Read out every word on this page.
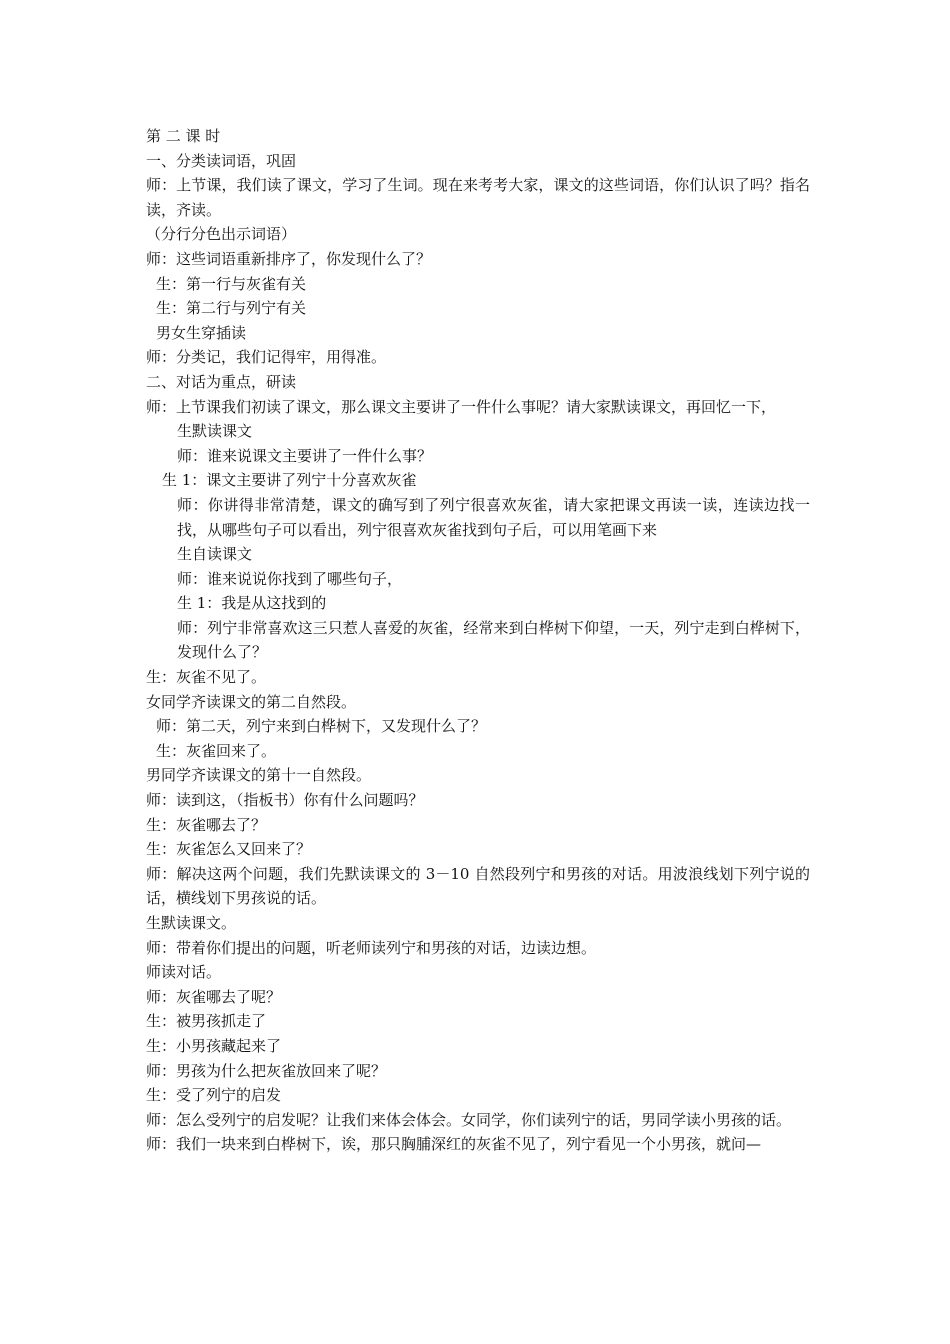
第 二 课 时

一、分类读词语，巩固

师：上节课，我们读了课文，学习了生词。现在来考考大家，课文的这些词语，你们认识了吗？指名读，齐读。

（分行分色出示词语）

师：这些词语重新排序了，你发现什么了？

生：第一行与灰雀有关

生：第二行与列宁有关

男女生穿插读

师：分类记，我们记得牢，用得准。

二、对话为重点，研读

师：上节课我们初读了课文，那么课文主要讲了一件什么事呢？请大家默读课文，再回忆一下，

生默读课文

师：谁来说课文主要讲了一件什么事？

生 1：课文主要讲了列宁十分喜欢灰雀

师：你讲得非常清楚，课文的确写到了列宁很喜欢灰雀，请大家把课文再读一读，连读边找一找，从哪些句子可以看出，列宁很喜欢灰雀找到句子后，可以用笔画下来

生自读课文

师：谁来说说你找到了哪些句子，

生 1：我是从这找到的

师：列宁非常喜欢这三只惹人喜爱的灰雀，经常来到白桦树下仰望，一天，列宁走到白桦树下，发现什么了？

生：灰雀不见了。

女同学齐读课文的第二自然段。

师：第二天，列宁来到白桦树下，又发现什么了？

生：灰雀回来了。

男同学齐读课文的第十一自然段。

师：读到这，（指板书）你有什么问题吗？

生：灰雀哪去了？

生：灰雀怎么又回来了？

师：解决这两个问题，我们先默读课文的 3－10 自然段列宁和男孩的对话。用波浪线划下列宁说的话，横线划下男孩说的话。

生默读课文。

师：带着你们提出的问题，听老师读列宁和男孩的对话，边读边想。

师读对话。

师：灰雀哪去了呢？

生：被男孩抓走了

生：小男孩藏起来了

师：男孩为什么把灰雀放回来了呢？

生：受了列宁的启发

师：怎么受列宁的启发呢？让我们来体会体会。女同学，你们读列宁的话，男同学读小男孩的话。

师：我们一块来到白桦树下，诶，那只胸脯深红的灰雀不见了，列宁看见一个小男孩，就问—
